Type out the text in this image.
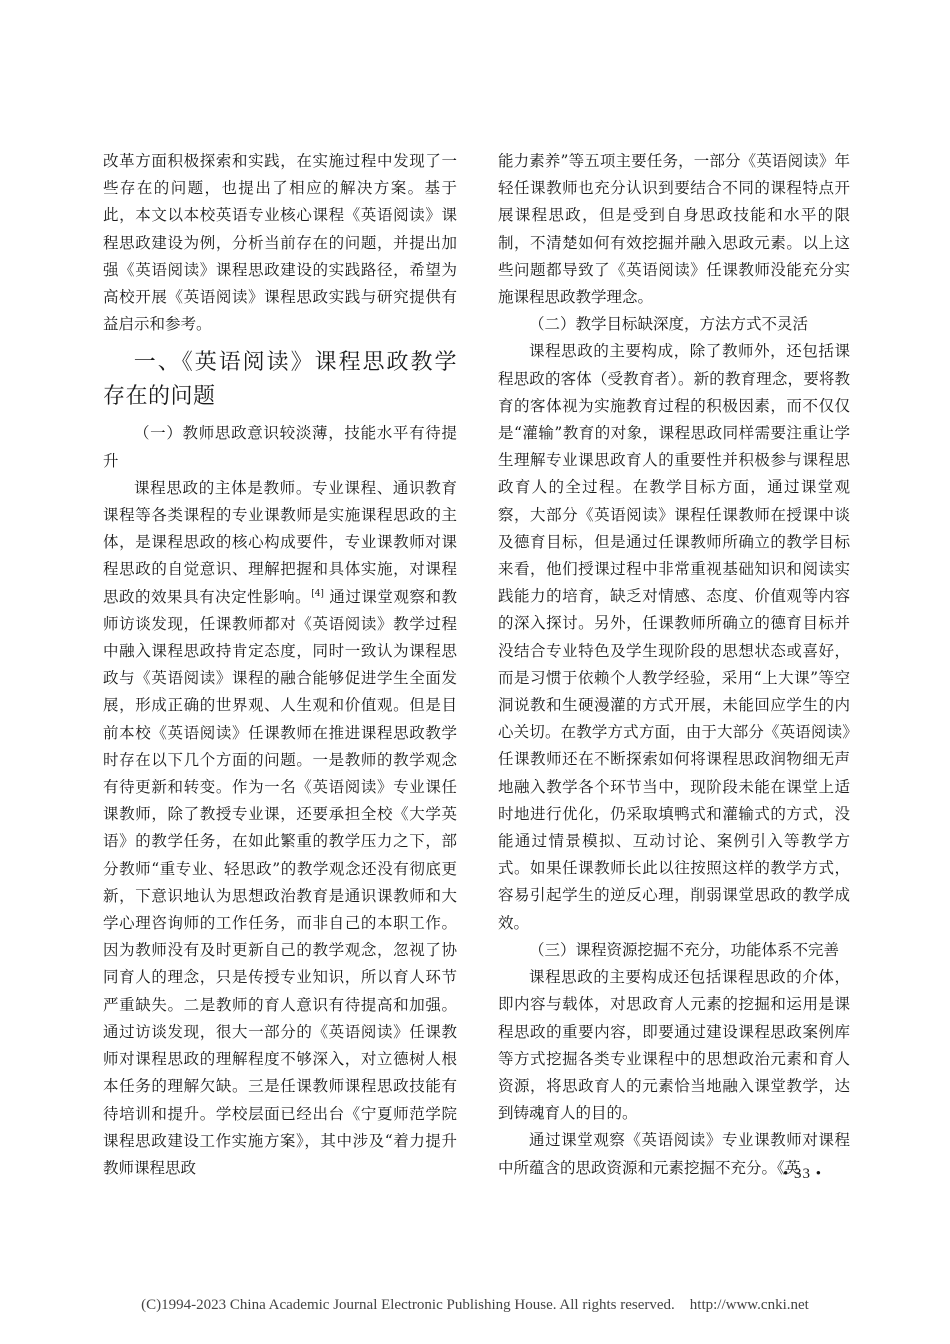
改革方面积极探索和实践，在实施过程中发现了一些存在的问题，也提出了相应的解决方案。基于此，本文以本校英语专业核心课程《英语阅读》课程思政建设为例，分析当前存在的问题，并提出加强《英语阅读》课程思政建设的实践路径，希望为高校开展《英语阅读》课程思政实践与研究提供有益启示和参考。

一、《英语阅读》课程思政教学存在的问题

（一）教师思政意识较淡薄，技能水平有待提升

课程思政的主体是教师。专业课程、通识教育课程等各类课程的专业课教师是实施课程思政的主体，是课程思政的核心构成要件，专业课教师对课程思政的自觉意识、理解把握和具体实施，对课程思政的效果具有决定性影响。[4] 通过课堂观察和教师访谈发现，任课教师都对《英语阅读》教学过程中融入课程思政持肯定态度，同时一致认为课程思政与《英语阅读》课程的融合能够促进学生全面发展，形成正确的世界观、人生观和价值观。但是目前本校《英语阅读》任课教师在推进课程思政教学时存在以下几个方面的问题。一是教师的教学观念有待更新和转变。作为一名《英语阅读》专业课任课教师，除了教授专业课，还要承担全校《大学英语》的教学任务，在如此繁重的教学压力之下，部分教师“重专业、轻思政”的教学观念还没有彻底更新，下意识地认为思想政治教育是通识课教师和大学心理咨询师的工作任务，而非自己的本职工作。因为教师没有及时更新自己的教学观念，忽视了协同育人的理念，只是传授专业知识，所以育人环节严重缺失。二是教师的育人意识有待提高和加强。通过访谈发现，很大一部分的《英语阅读》任课教师对课程思政的理解程度不够深入，对立德树人根本任务的理解欠缺。三是任课教师课程思政技能有待培训和提升。学校层面已经出台《宁夏师范学院课程思政建设工作实施方案》，其中涉及“着力提升教师课程思政

能力素养”等五项主要任务，一部分《英语阅读》年轻任课教师也充分认识到要结合不同的课程特点开展课程思政，但是受到自身思政技能和水平的限制，不清楚如何有效挖掘并融入思政元素。以上这些问题都导致了《英语阅读》任课教师没能充分实施课程思政教学理念。

（二）教学目标缺深度，方法方式不灵活

课程思政的主要构成，除了教师外，还包括课程思政的客体（受教育者）。新的教育理念，要将教育的客体视为实施教育过程的积极因素，而不仅仅是“灌输”教育的对象，课程思政同样需要注重让学生理解专业课思政育人的重要性并积极参与课程思政育人的全过程。在教学目标方面，通过课堂观察，大部分《英语阅读》课程任课教师在授课中谈及德育目标，但是通过任课教师所确立的教学目标来看，他们授课过程中非常重视基础知识和阅读实践能力的培育，缺乏对情感、态度、价值观等内容的深入探讨。另外，任课教师所确立的德育目标并没结合专业特色及学生现阶段的思想状态或喜好，而是习惯于依赖个人教学经验，采用“上大课”等空洞说教和生硬漫灌的方式开展，未能回应学生的内心关切。在教学方式方面，由于大部分《英语阅读》任课教师还在不断探索如何将课程思政润物细无声地融入教学各个环节当中，现阶段未能在课堂上适时地进行优化，仍采取填鸭式和灌输式的方式，没能通过情景模拟、互动讨论、案例引入等教学方式。如果任课教师长此以往按照这样的教学方式，容易引起学生的逆反心理，削弱课堂思政的教学成效。

（三）课程资源挖掘不充分，功能体系不完善

课程思政的主要构成还包括课程思政的介体，即内容与载体，对思政育人元素的挖掘和运用是课程思政的重要内容，即要通过建设课程思政案例库等方式挖掘各类专业课程中的思想政治元素和育人资源，将思政育人的元素恰当地融入课堂教学，达到铸魂育人的目的。

通过课堂观察《英语阅读》专业课教师对课程中所蕴含的思政资源和元素挖掘不充分。《英

• 33 •
(C)1994-2023 China Academic Journal Electronic Publishing House. All rights reserved.    http://www.cnki.net
